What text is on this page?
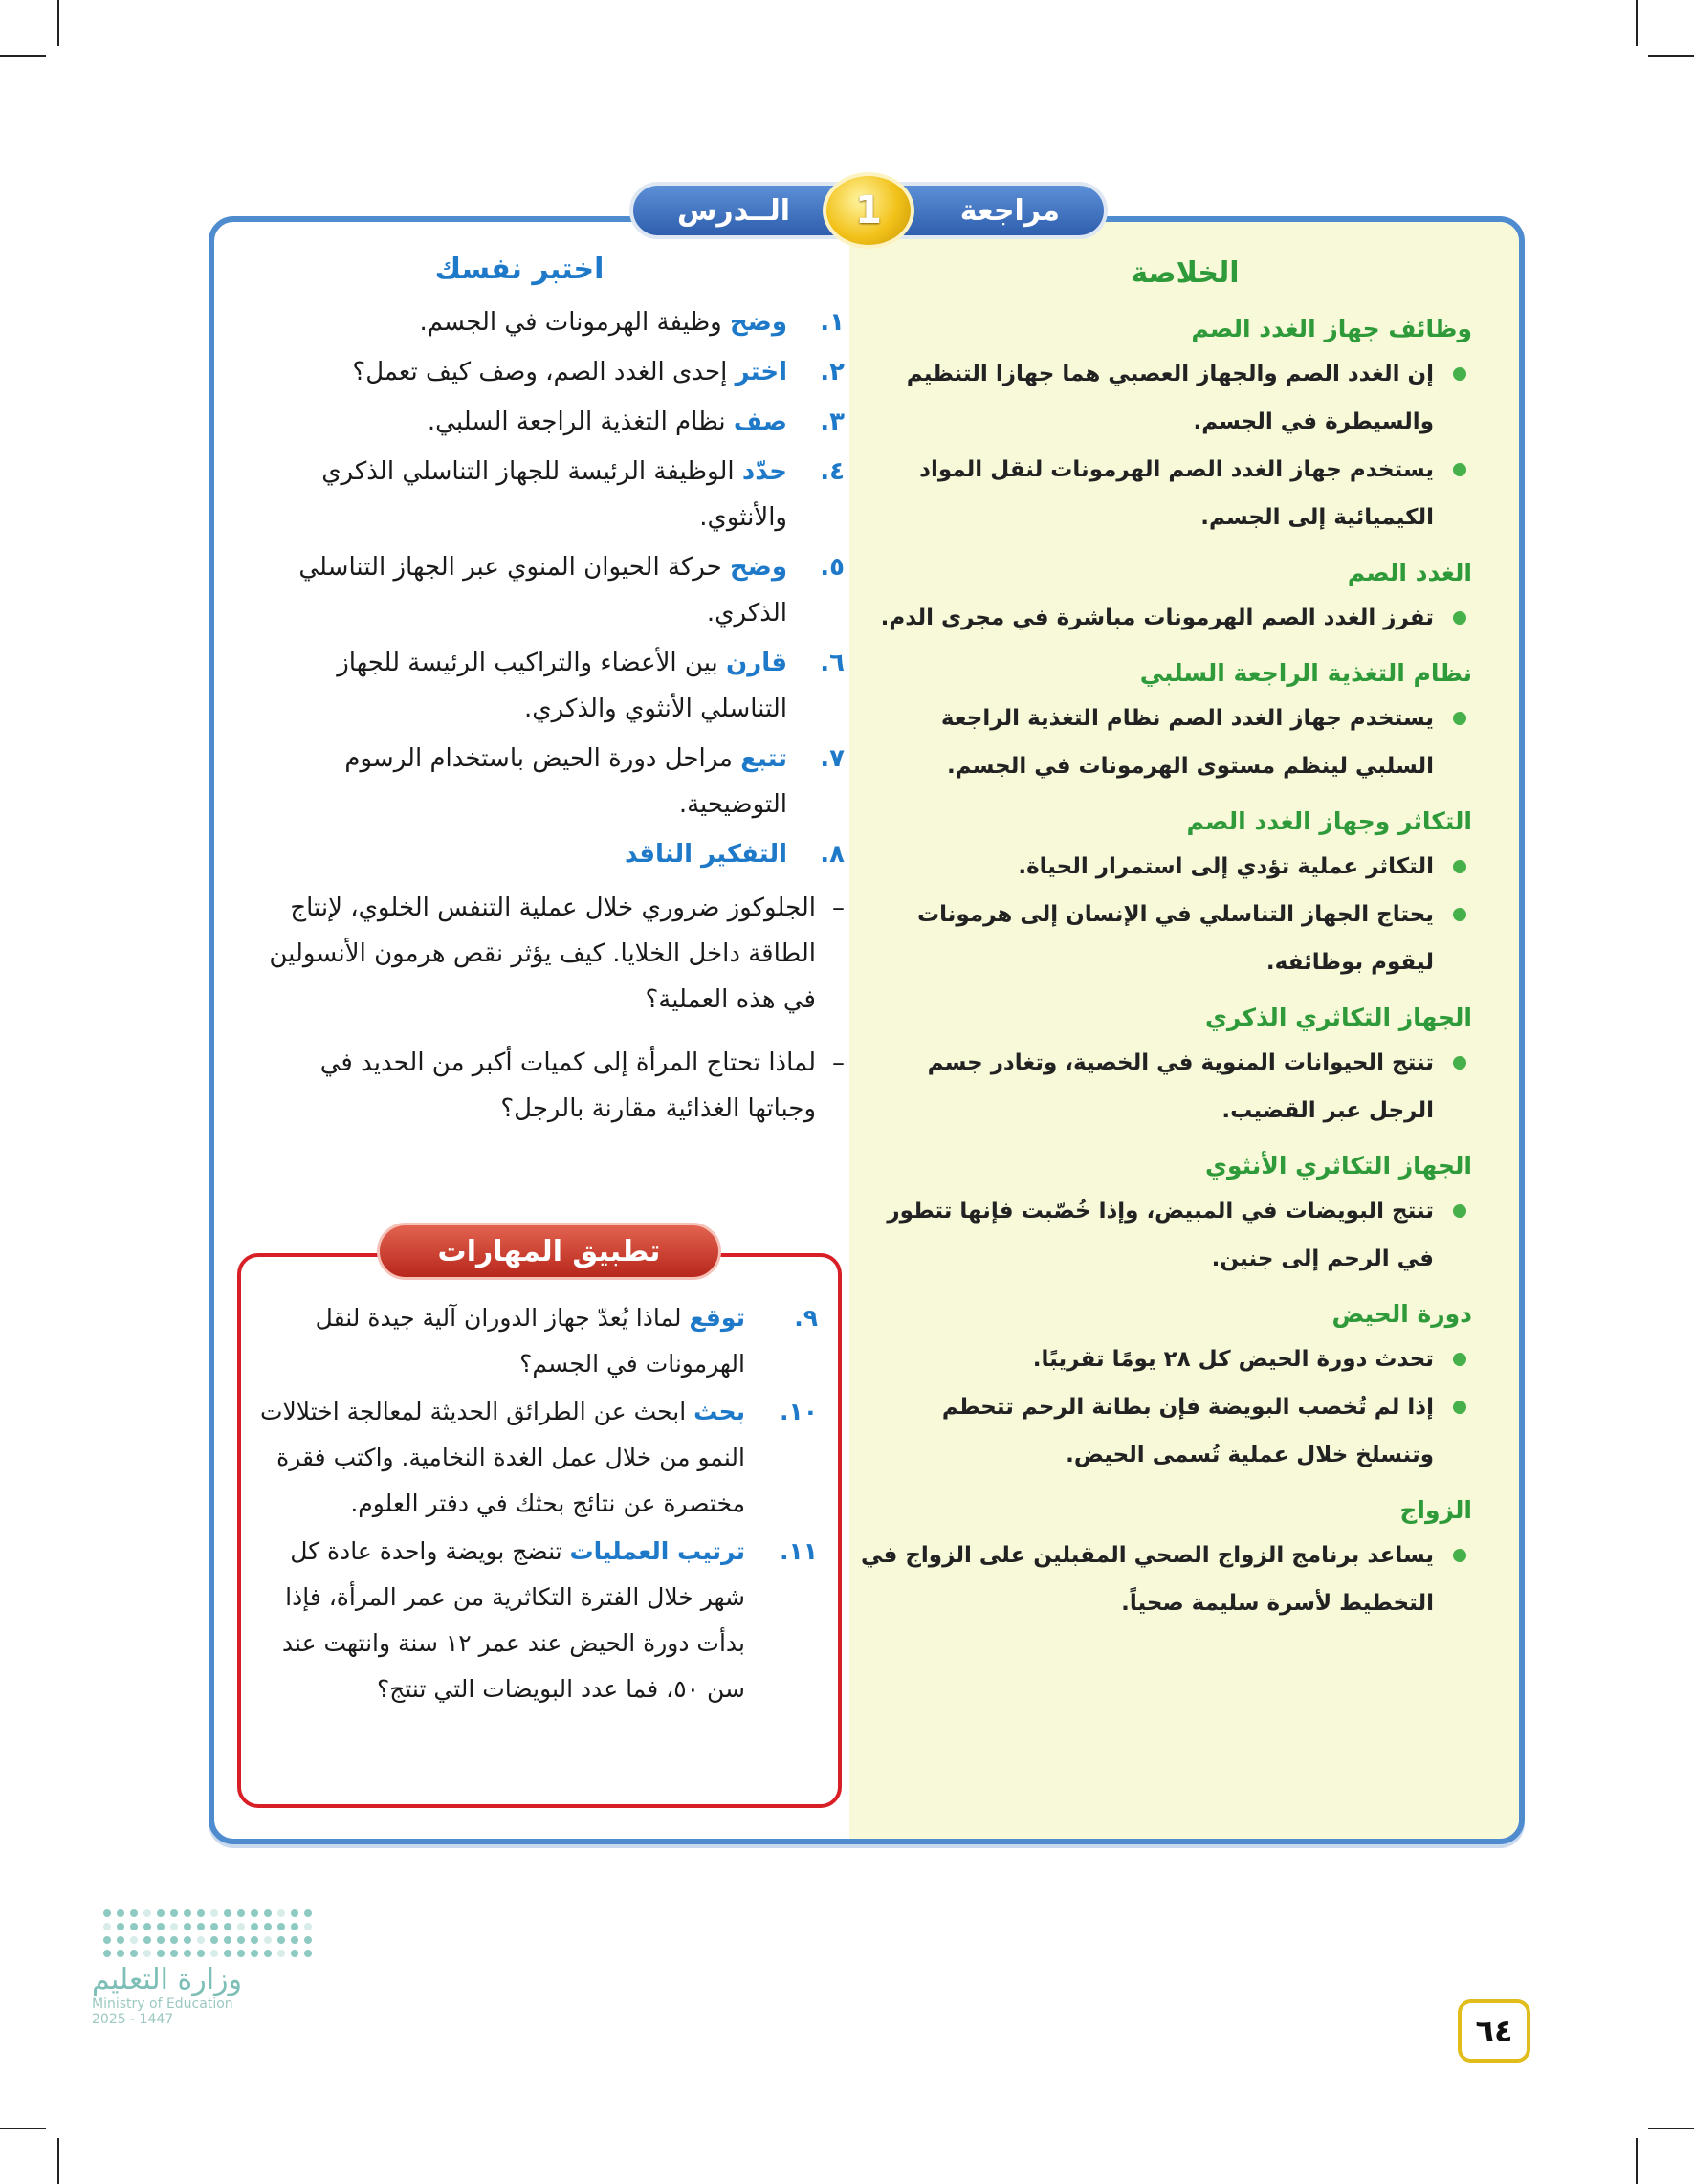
مراجعة
الــدرس	1
الخلاصة
وظائف جهاز الغدد الصم
إن الغدد الصم والجهاز العصبي هما جهازا التنظيم والسيطرة في الجسم.
يستخدم جهاز الغدد الصم الهرمونات لنقل المواد الكيميائية إلى الجسم.
الغدد الصم
تفرز الغدد الصم الهرمونات مباشرة في مجرى الدم.
نظام التغذية الراجعة السلبي
يستخدم جهاز الغدد الصم نظام التغذية الراجعة السلبي لينظم مستوى الهرمونات في الجسم.
التكاثر وجهاز الغدد الصم
التكاثر عملية تؤدي إلى استمرار الحياة.
يحتاج الجهاز التناسلي في الإنسان إلى هرمونات ليقوم بوظائفه.
الجهاز التكاثري الذكري
تنتج الحيوانات المنوية في الخصية، وتغادر جسم الرجل عبر القضيب.
الجهاز التكاثري الأنثوي
تنتج البويضات في المبيض، وإذا خُصّبت فإنها تتطور في الرحم إلى جنين.
دورة الحيض
تحدث دورة الحيض كل ٢٨ يومًا تقريبًا.
إذا لم تُخصب البويضة فإن بطانة الرحم تتحطم وتنسلخ خلال عملية تُسمى الحيض.
الزواج
يساعد برنامج الزواج الصحي المقبلين على الزواج في التخطيط لأسرة سليمة صحياً.
اختبر نفسك
١.
وضح وظيفة الهرمونات في الجسم.
٢.
اختر إحدى الغدد الصم، وصف كيف تعمل؟
٣.
صف نظام التغذية الراجعة السلبي.
٤.
حدّد الوظيفة الرئيسة للجهاز التناسلي الذكري والأنثوي.
٥.
وضح حركة الحيوان المنوي عبر الجهاز التناسلي الذكري.
٦.
قارن بين الأعضاء والتراكيب الرئيسة للجهاز التناسلي الأنثوي والذكري.
٧.
تتبع مراحل دورة الحيض باستخدام الرسوم التوضيحية.
٨.
التفكير الناقد
–
الجلوكوز ضروري خلال عملية التنفس الخلوي، لإنتاج الطاقة داخل الخلايا. كيف يؤثر نقص هرمون الأنسولين في هذه العملية؟
–
لماذا تحتاج المرأة إلى كميات أكبر من الحديد في وجباتها الغذائية مقارنة بالرجل؟
تطبيق المهارات
٩.
توقع لماذا يُعدّ جهاز الدوران آلية جيدة لنقل الهرمونات في الجسم؟
١٠.
بحث ابحث عن الطرائق الحديثة لمعالجة اختلالات النمو من خلال عمل الغدة النخامية. واكتب فقرة مختصرة عن نتائج بحثك في دفتر العلوم.
١١.
ترتيب العمليات تنضج بويضة واحدة عادة كل شهر خلال الفترة التكاثرية من عمر المرأة، فإذا بدأت دورة الحيض عند عمر ١٢ سنة وانتهت عند سن ٥٠، فما عدد البويضات التي تنتج؟
٦٤
وزارة التعليم
Ministry of Education
2025 - 1447
